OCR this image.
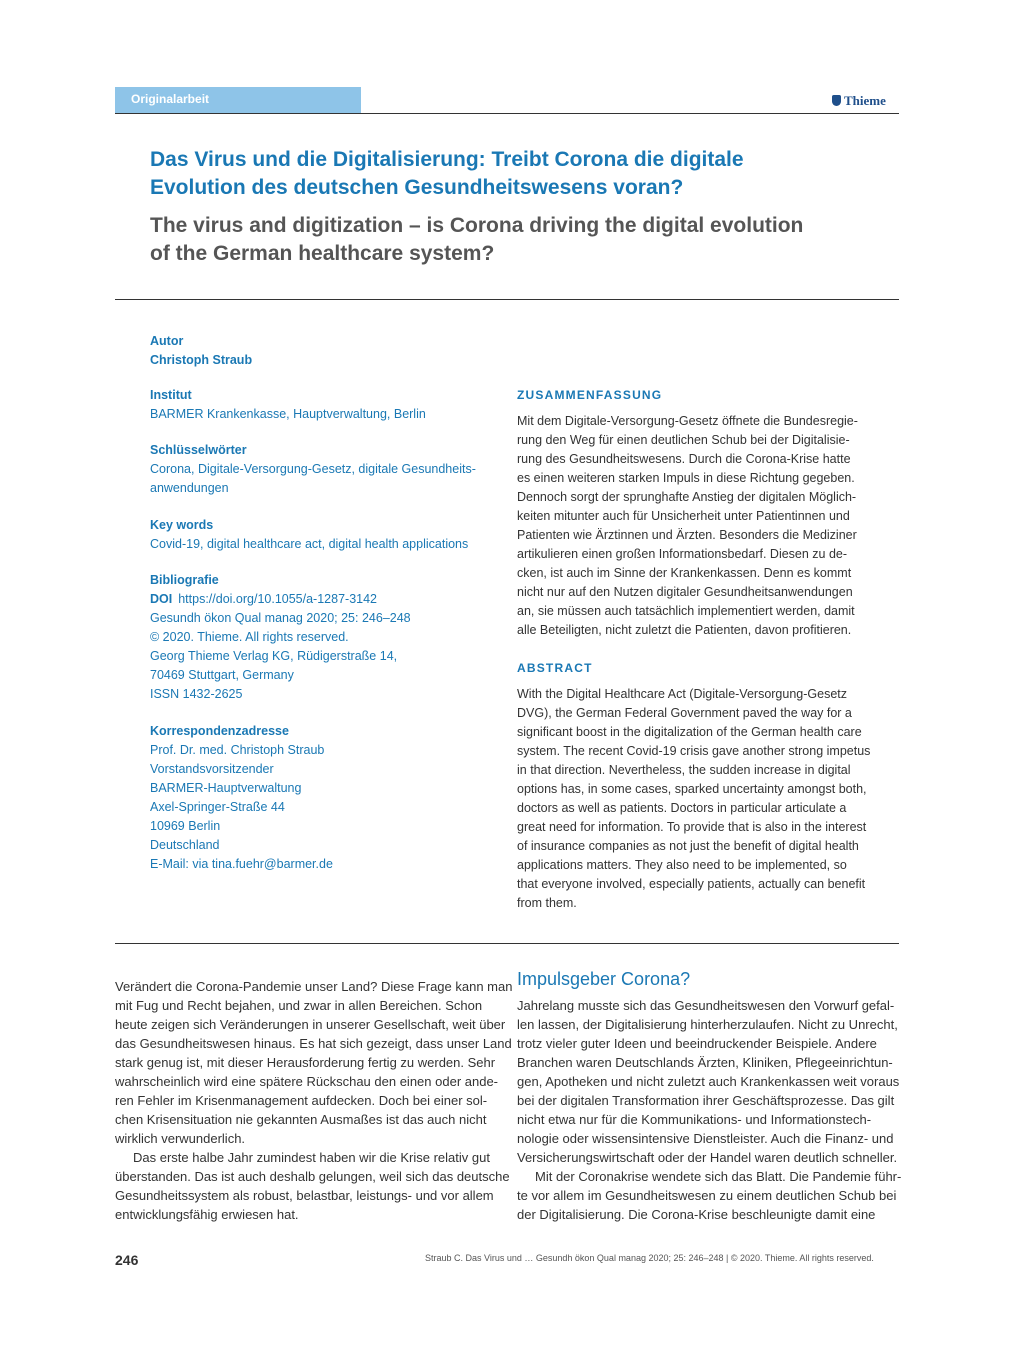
Originalarbeit	Thieme
Das Virus und die Digitalisierung: Treibt Corona die digitale
Evolution des deutschen Gesundheitswesens voran?
The virus and digitization – is Corona driving the digital evolution
of the German healthcare system?
Autor
Christoph Straub
Institut
BARMER Krankenkasse, Hauptverwaltung, Berlin
Schlüsselwörter
Corona, Digitale-Versorgung-Gesetz, digitale Gesundheits-
anwendungen
Key words
Covid-19, digital healthcare act, digital health applications
Bibliografie
DOI https://doi.org/10.1055/a-1287-3142
Gesundh ökon Qual manag 2020; 25: 246–248
© 2020. Thieme. All rights reserved.
Georg Thieme Verlag KG, Rüdigerstraße 14,
70469 Stuttgart, Germany
ISSN 1432-2625
Korrespondenzadresse
Prof. Dr. med. Christoph Straub
Vorstandsvorsitzender
BARMER-Hauptverwaltung
Axel-Springer-Straße 44
10969 Berlin
Deutschland
E-Mail: via tina.fuehr@barmer.de
ZUSAMMENFASSUNG
Mit dem Digitale-Versorgung-Gesetz öffnete die Bundesregie-
rung den Weg für einen deutlichen Schub bei der Digitalisie-
rung des Gesundheitswesens. Durch die Corona-Krise hatte
es einen weiteren starken Impuls in diese Richtung gegeben.
Dennoch sorgt der sprunghafte Anstieg der digitalen Möglich-
keiten mitunter auch für Unsicherheit unter Patientinnen und
Patienten wie Ärztinnen und Ärzten. Besonders die Mediziner
artikulieren einen großen Informationsbedarf. Diesen zu de-
cken, ist auch im Sinne der Krankenkassen. Denn es kommt
nicht nur auf den Nutzen digitaler Gesundheitsanwendungen
an, sie müssen auch tatsächlich implementiert werden, damit
alle Beteiligten, nicht zuletzt die Patienten, davon profitieren.
ABSTRACT
With the Digital Healthcare Act (Digitale-Versorgung-Gesetz
DVG), the German Federal Government paved the way for a
significant boost in the digitalization of the German health care
system. The recent Covid-19 crisis gave another strong impetus
in that direction. Nevertheless, the sudden increase in digital
options has, in some cases, sparked uncertainty amongst both,
doctors as well as patients. Doctors in particular articulate a
great need for information. To provide that is also in the interest
of insurance companies as not just the benefit of digital health
applications matters. They also need to be implemented, so
that everyone involved, especially patients, actually can benefit
from them.
Verändert die Corona-Pandemie unser Land? Diese Frage kann man
mit Fug und Recht bejahen, und zwar in allen Bereichen. Schon
heute zeigen sich Veränderungen in unserer Gesellschaft, weit über
das Gesundheitswesen hinaus. Es hat sich gezeigt, dass unser Land
stark genug ist, mit dieser Herausforderung fertig zu werden. Sehr
wahrscheinlich wird eine spätere Rückschau den einen oder ande-
ren Fehler im Krisenmanagement aufdecken. Doch bei einer sol-
chen Krisensituation nie gekannten Ausmaßes ist das auch nicht
wirklich verwunderlich.
Das erste halbe Jahr zumindest haben wir die Krise relativ gut
überstanden. Das ist auch deshalb gelungen, weil sich das deutsche
Gesundheitssystem als robust, belastbar, leistungs- und vor allem
entwicklungsfähig erwiesen hat.
Impulsgeber Corona?
Jahrelang musste sich das Gesundheitswesen den Vorwurf gefal-
len lassen, der Digitalisierung hinterherzulaufen. Nicht zu Unrecht,
trotz vieler guter Ideen und beeindruckender Beispiele. Andere
Branchen waren Deutschlands Ärzten, Kliniken, Pflegeeinrichtun-
gen, Apotheken und nicht zuletzt auch Krankenkassen weit voraus
bei der digitalen Transformation ihrer Geschäftsprozesse. Das gilt
nicht etwa nur für die Kommunikations- und Informationstech-
nologie oder wissensintensive Dienstleister. Auch die Finanz- und
Versicherungswirtschaft oder der Handel waren deutlich schneller.
Mit der Coronakrise wendete sich das Blatt. Die Pandemie führ-
te vor allem im Gesundheitswesen zu einem deutlichen Schub bei
der Digitalisierung. Die Corona-Krise beschleunigte damit eine
246	Straub C. Das Virus und … Gesundh ökon Qual manag 2020; 25: 246–248 | © 2020. Thieme. All rights reserved.
